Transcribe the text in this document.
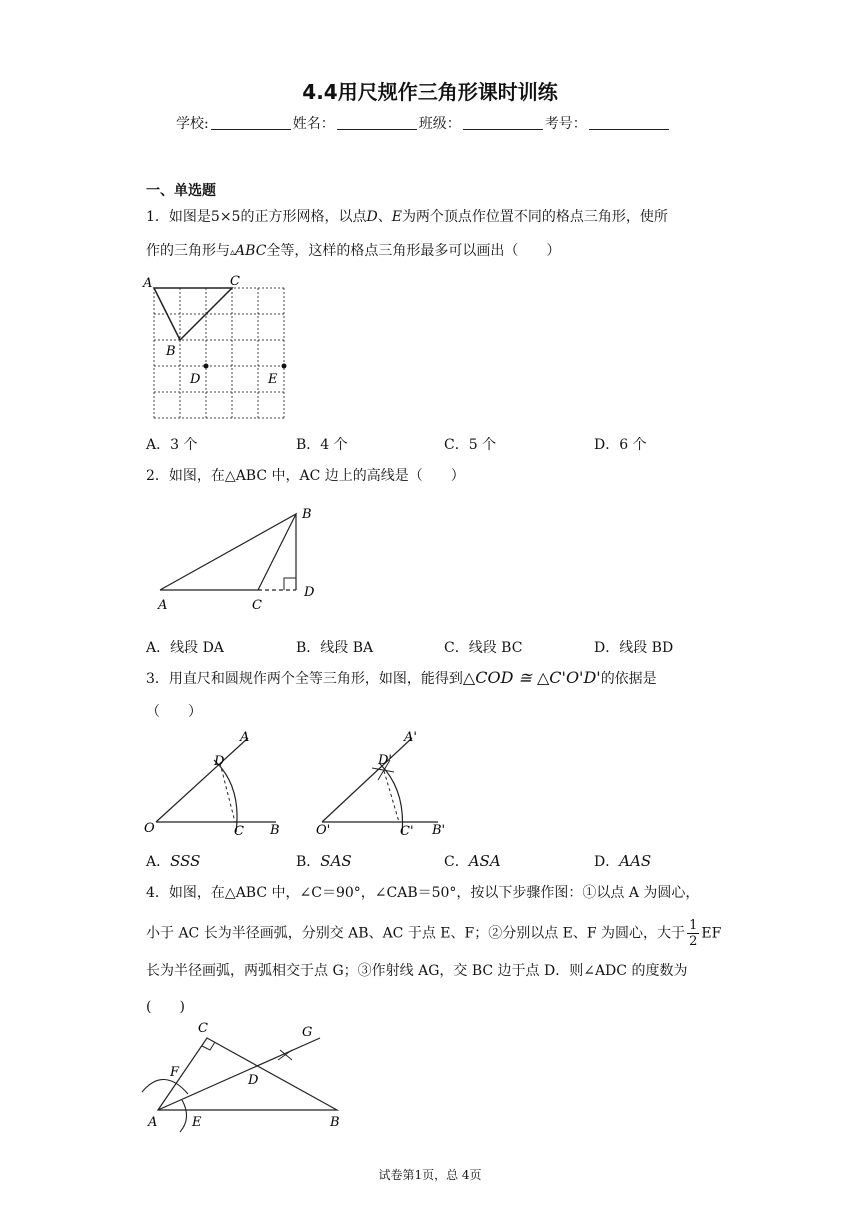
4.4用尺规作三角形课时训练
学校:	姓名：	班级：	考号：
一、单选题
1．如图是5×5的正方形网格，以点D、E为两个顶点作位置不同的格点三角形，使所
作的三角形与▵ABC全等，这样的格点三角形最多可以画出（　　）
A	C
B
D	E
A．3 个	B．4 个	C．5 个	D．6 个
2．如图，在△ABC 中，AC 边上的高线是（　　）
B
A	C
D
A．线段 DA	B．线段 BA	C．线段 BC	D．线段 BD
3．用直尺和圆规作两个全等三角形，如图，能得到△COD ≅ △C'O'D'的依据是
（　　）
A
D
O	C B
A'
D'
O'	C' B'
A．SSS	B．SAS	C．ASA	D．AAS
4．如图，在△ABC 中，∠C＝90°，∠CAB＝50°，按以下步骤作图：①以点 A 为圆心，
小于 AC 长为半径画弧，分别交 AB、AC 于点 E、F；②分别以点 E、F 为圆心，大于 $\frac{1}{2}$ EF
长为半径画弧，两弧相交于点 G；③作射线 AG，交 BC 边于点 D．则∠ADC 的度数为
(　　)
C	G
F
D
A	E	B
试卷第1页，总 4页
